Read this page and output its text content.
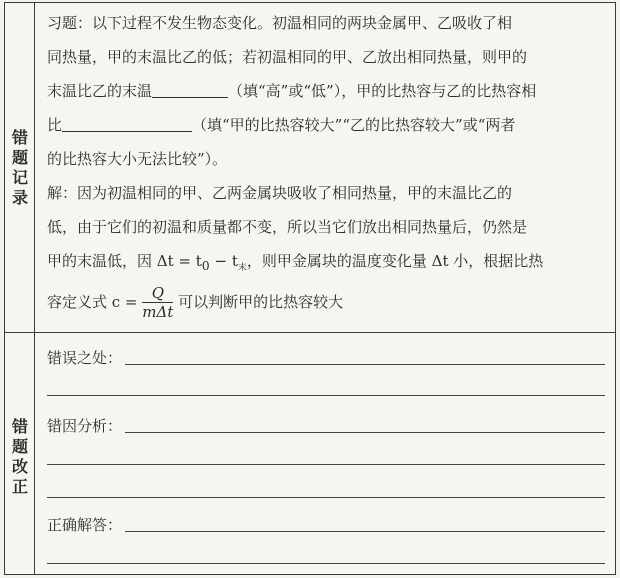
错
题
记
录
错
题
改
正
习题：以下过程不发生物态变化。初温相同的两块金属甲、乙吸收了相
同热量，甲的末温比乙的低；若初温相同的甲、乙放出相同热量，则甲的
末温比乙的末温	（填“高”或“低”），甲的比热容与乙的比热容相
比	（填“甲的比热容较大”“乙的比热容较大”或“两者
的比热容大小无法比较”）。
解：因为初温相同的甲、乙两金属块吸收了相同热量，甲的末温比乙的
低，由于它们的初温和质量都不变，所以当它们放出相同热量后，仍然是
甲的末温低，因 $\Delta t = t_0 - t_末$，则甲金属块的温度变化量 Δt 小，根据比热
容定义式 $c = \frac{Q}{\text{mΔt}}$ 可以判断甲的比热容较大
错误之处：
错因分析：
正确解答：
